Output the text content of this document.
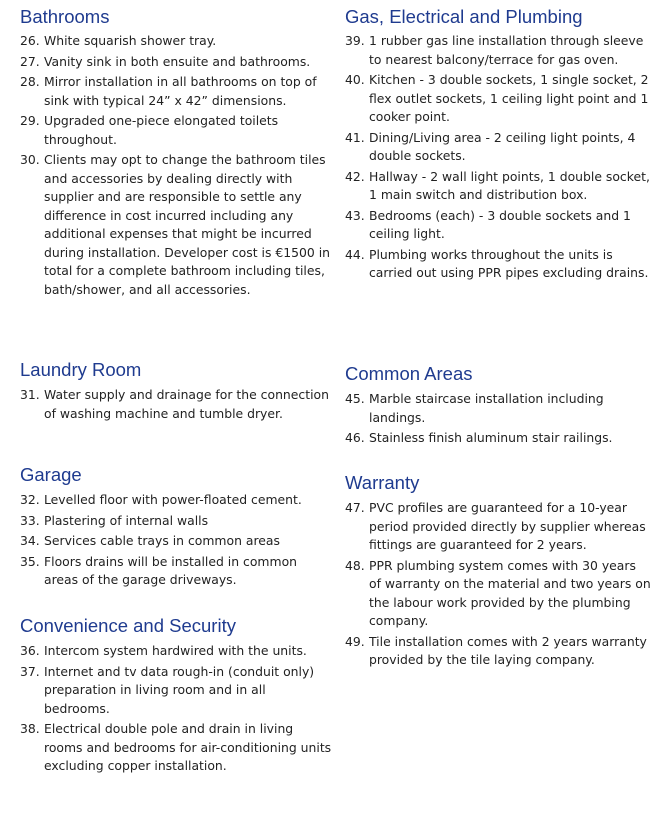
Bathrooms
26. White squarish shower tray.
27. Vanity sink in both ensuite and bathrooms.
28. Mirror installation in all bathrooms on top of sink with typical 24” x 42” dimensions.
29. Upgraded one-piece elongated toilets throughout.
30. Clients may opt to change the bathroom tiles and accessories by dealing directly with supplier and are responsible to settle any difference in cost incurred including any additional expenses that might be incurred during installation. Developer cost is €1500 in total for a complete bathroom including tiles, bath/shower, and all accessories.
Laundry Room
31. Water supply and drainage for the connection of washing machine and tumble dryer.
Garage
32. Levelled floor with power-floated cement.
33. Plastering of internal walls
34. Services cable trays in common areas
35. Floors drains will be installed in common areas of the garage driveways.
Convenience and Security
36. Intercom system hardwired with the units.
37. Internet and tv data rough-in (conduit only) preparation in living room and in all bedrooms.
38. Electrical double pole and drain in living rooms and bedrooms for air-conditioning units excluding copper installation.
Gas, Electrical and Plumbing
39. 1 rubber gas line installation through sleeve to nearest balcony/terrace for gas oven.
40. Kitchen - 3 double sockets, 1 single socket, 2 flex outlet sockets, 1 ceiling light point and 1 cooker point.
41. Dining/Living area - 2 ceiling light points, 4 double sockets.
42. Hallway - 2 wall light points, 1 double socket, 1 main switch and distribution box.
43. Bedrooms (each) - 3 double sockets and 1 ceiling light.
44. Plumbing works throughout the units is carried out using PPR pipes excluding drains.
Common Areas
45. Marble staircase installation including landings.
46. Stainless finish aluminum stair railings.
Warranty
47. PVC profiles are guaranteed for a 10-year period provided directly by supplier whereas fittings are guaranteed for 2 years.
48. PPR plumbing system comes with 30 years of warranty on the material and two years on the labour work provided by the plumbing company.
49. Tile installation comes with 2 years warranty provided by the tile laying company.
